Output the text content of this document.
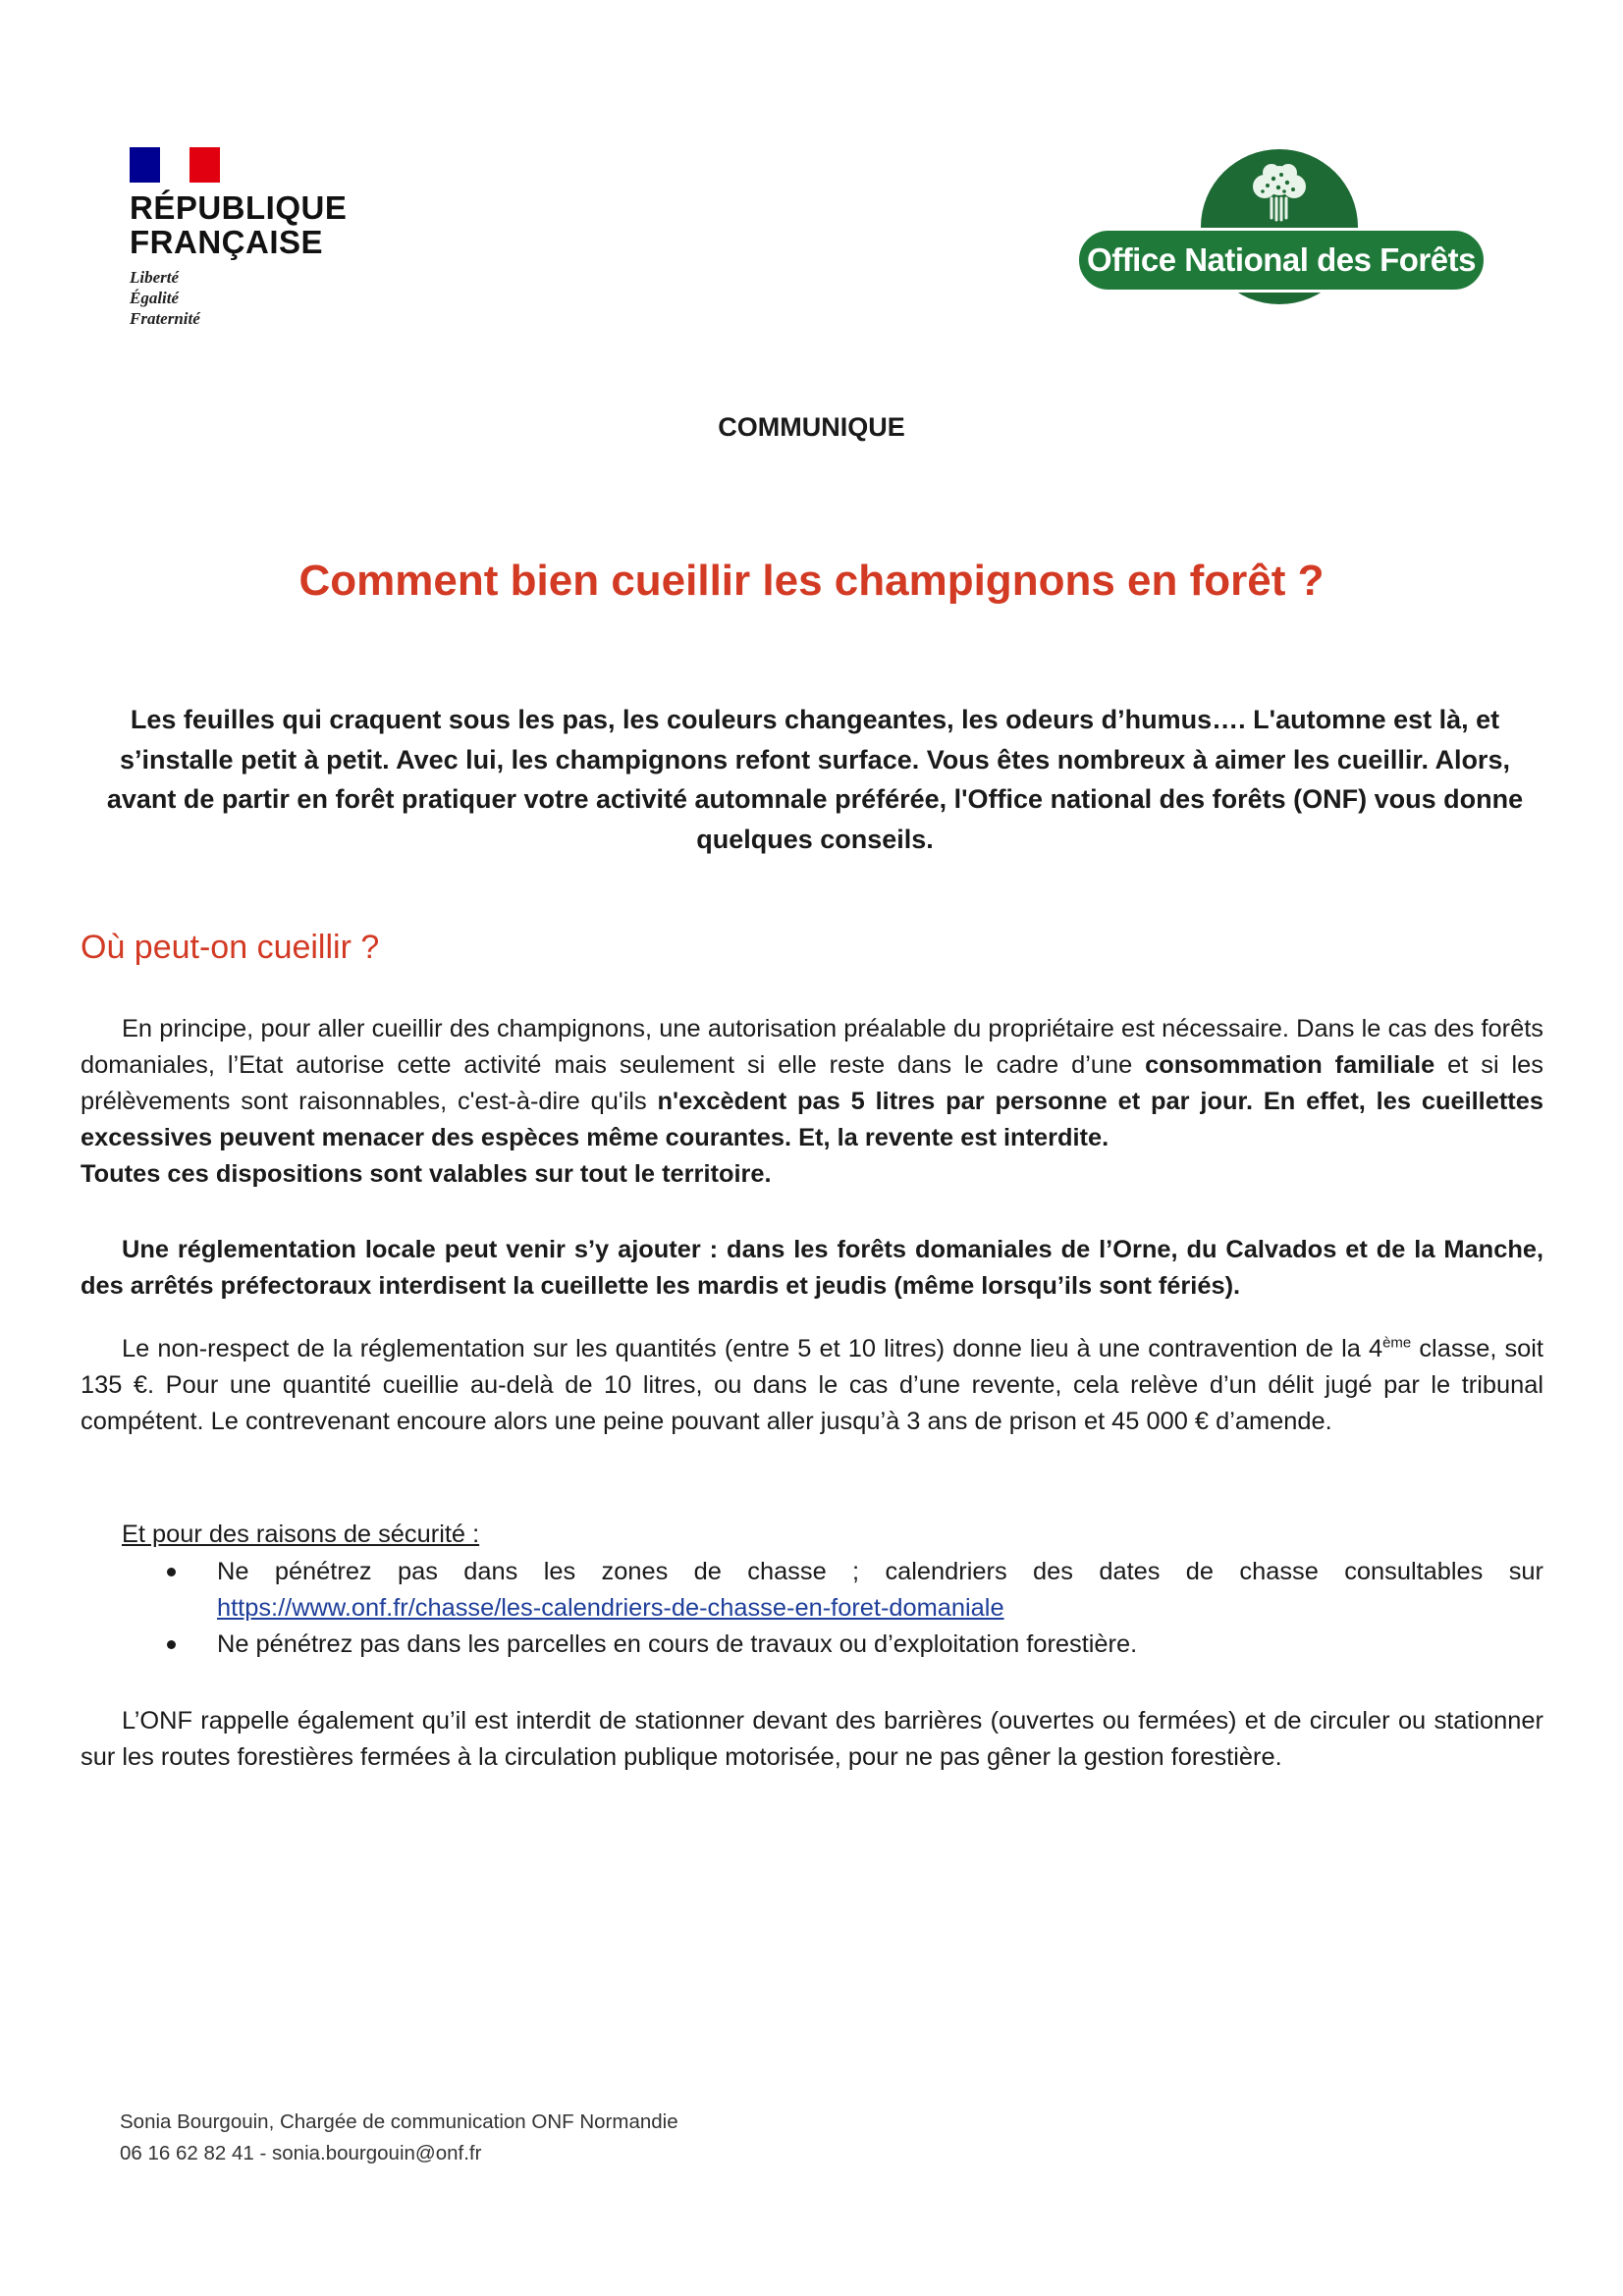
RÉPUBLIQUE
FRANÇAISE
Liberté
Égalité
Fraternité
Office National des Forêts
COMMUNIQUE
Comment bien cueillir les champignons en forêt ?
Les feuilles qui craquent sous les pas, les couleurs changeantes, les odeurs d’humus…. L'automne est là, et s’installe petit à petit. Avec lui, les champignons refont surface. Vous êtes nombreux à aimer les cueillir. Alors, avant de partir en forêt pratiquer votre activité automnale préférée, l'Office national des forêts (ONF) vous donne quelques conseils.
Où peut-on cueillir ?
En principe, pour aller cueillir des champignons, une autorisation préalable du propriétaire est nécessaire. Dans le cas des forêts domaniales, l’Etat autorise cette activité mais seulement si elle reste dans le cadre d’une consommation familiale et si les prélèvements sont raisonnables, c'est-à-dire qu'ils n'excèdent pas 5 litres par personne et par jour. En effet, les cueillettes excessives peuvent menacer des espèces même courantes. Et, la revente est interdite.
Toutes ces dispositions sont valables sur tout le territoire.
Une réglementation locale peut venir s’y ajouter : dans les forêts domaniales de l’Orne, du Calvados et de la Manche, des arrêtés préfectoraux interdisent la cueillette les mardis et jeudis (même lorsqu’ils sont fériés).
Le non-respect de la réglementation sur les quantités (entre 5 et 10 litres) donne lieu à une contravention de la 4ème classe, soit 135 €. Pour une quantité cueillie au-delà de 10 litres, ou dans le cas d’une revente, cela relève d’un délit jugé par le tribunal compétent. Le contrevenant encoure alors une peine pouvant aller jusqu’à 3 ans de prison et 45 000 € d’amende.
Et pour des raisons de sécurité :
Ne pénétrez pas dans les zones de chasse ; calendriers des dates de chasse consultables sur https://www.onf.fr/chasse/les-calendriers-de-chasse-en-foret-domaniale
Ne pénétrez pas dans les parcelles en cours de travaux ou d’exploitation forestière.
L’ONF rappelle également qu’il est interdit de stationner devant des barrières (ouvertes ou fermées) et de circuler ou stationner sur les routes forestières fermées à la circulation publique motorisée, pour ne pas gêner la gestion forestière.
Sonia Bourgouin, Chargée de communication ONF Normandie
06 16 62 82 41 - sonia.bourgouin@onf.fr
